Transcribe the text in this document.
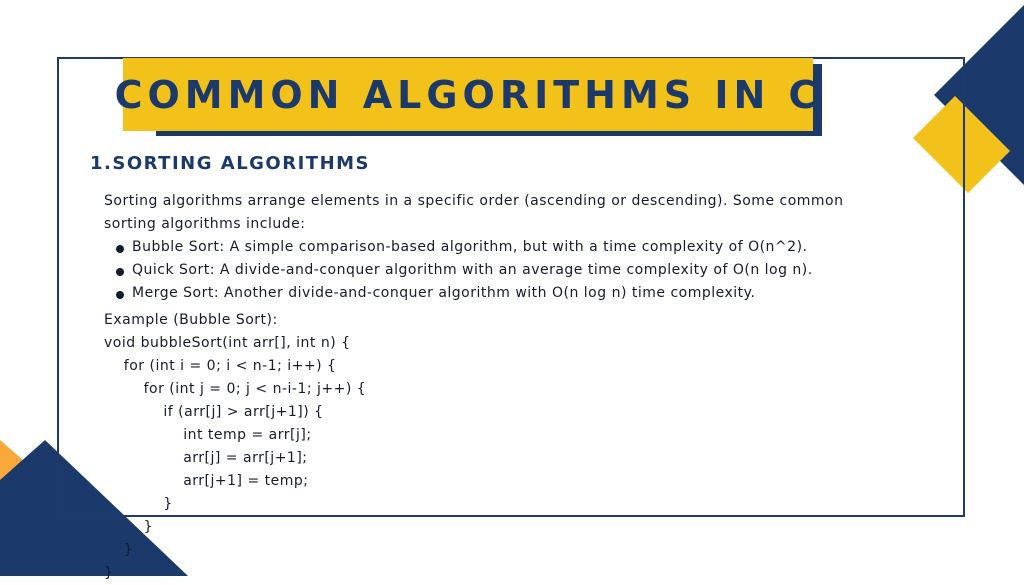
COMMON ALGORITHMS IN C
1.SORTING ALGORITHMS
Sorting algorithms arrange elements in a specific order (ascending or descending). Some common
sorting algorithms include:
Bubble Sort: A simple comparison-based algorithm, but with a time complexity of O(n^2).
Quick Sort: A divide-and-conquer algorithm with an average time complexity of O(n log n).
Merge Sort: Another divide-and-conquer algorithm with O(n log n) time complexity.
Example (Bubble Sort):
void bubbleSort(int arr[], int n) {
for (int i = 0; i < n-1; i++) {
for (int j = 0; j < n-i-1; j++) {
if (arr[j] > arr[j+1]) {
int temp = arr[j];
arr[j] = arr[j+1];
arr[j+1] = temp;
}
}
}
}
